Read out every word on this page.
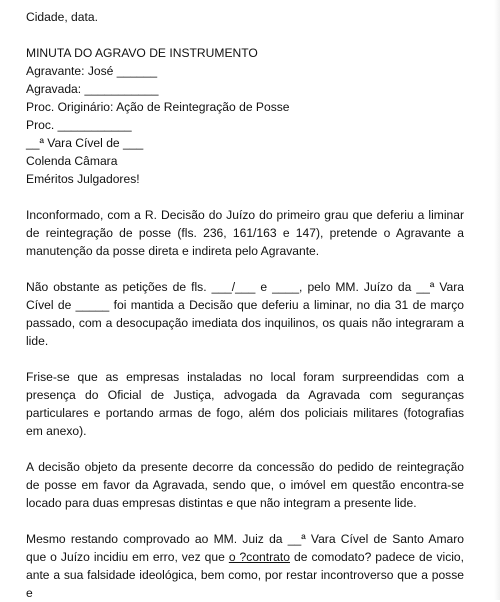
Cidade, data.
MINUTA DO AGRAVO DE INSTRUMENTO
Agravante: José ______
Agravada: ___________
Proc. Originário: Ação de Reintegração de Posse
Proc. ___________
__ª Vara Cível de ___
Colenda Câmara
Eméritos Julgadores!

Inconformado, com a R. Decisão do Juízo do primeiro grau que deferiu a liminar de reintegração de posse (fls. 236, 161/163 e 147), pretende o Agravante a manutenção da posse direta e indireta pelo Agravante.

Não obstante as petições de fls. ___/___ e ____, pelo MM. Juízo da __ª Vara Cível de _____ foi mantida a Decisão que deferiu a liminar, no dia 31 de março passado, com a desocupação imediata dos inquilinos, os quais não integraram a lide.

Frise-se que as empresas instaladas no local foram surpreendidas com a presença do Oficial de Justiça, advogada da Agravada com seguranças particulares e portando armas de fogo, além dos policiais militares (fotografias em anexo).

A decisão objeto da presente decorre da concessão do pedido de reintegração de posse em favor da Agravada, sendo que, o imóvel em questão encontra-se locado para duas empresas distintas e que não integram a presente lide.

Mesmo restando comprovado ao MM. Juiz da __ª Vara Cível de Santo Amaro que o Juízo incidiu em erro, vez que o ?contrato de comodato? padece de vicio, ante a sua falsidade ideológica, bem como, por restar incontroverso que a posse e
